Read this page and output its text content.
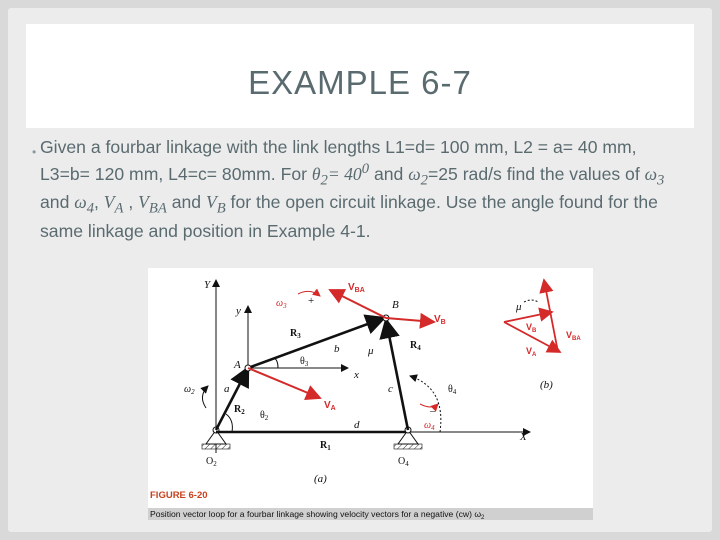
EXAMPLE 6-7
• Given a fourbar linkage with the link lengths L1=d= 100 mm, L2 = a= 40 mm, L3=b= 120 mm, L4=c= 80mm. For $\theta_2= 40^0$ and $\omega_2=25$ rad/s find the values of $\omega_3$ and $\omega_4$, $V_A$ , $V_{BA}$ and $V_B$ for the open circuit linkage. Use the angle found for the same linkage and position in Example 4-1.

Y
y
X
x
A
B
a
b
c
d
μ
μ
(a)
(b)
$O_2$	$O_4$
$R_1$
$R_2$
$R_3$
$R_4$
$\theta_2$
$\theta_3$
$\theta_4$
$\omega_2$
$\omega_3$
$\omega_4$
+
–
$V_A$
$V_{BA}$
$V_B$	$V_B$
$V_A$
$V_{BA}$
FIGURE 6-20
Position vector loop for a fourbar linkage showing velocity vectors for a negative (cw) $\omega_2$
